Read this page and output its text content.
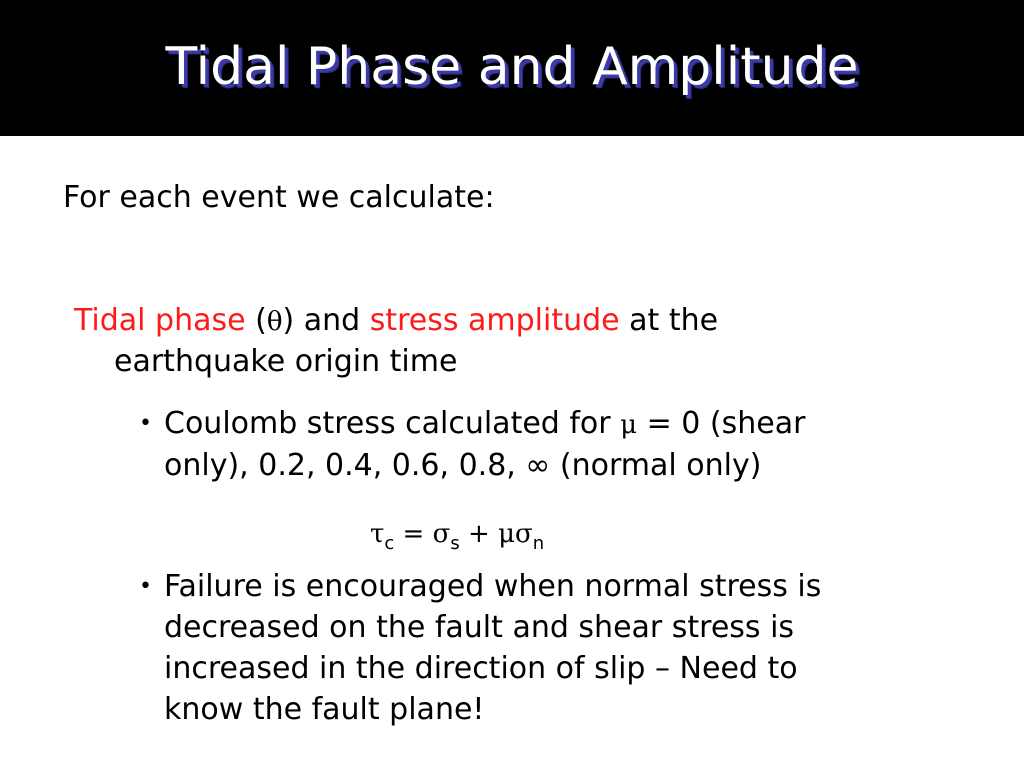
Tidal Phase and Amplitude
For each event we calculate:
Tidal phase (θ) and stress amplitude at the
earthquake origin time
• Coulomb stress calculated for μ = 0 (shear
only), 0.2, 0.4, 0.6, 0.8, ∞ (normal only)
$\tau_c = \sigma_s + \mu\sigma_n$
• Failure is encouraged when normal stress is
decreased on the fault and shear stress is
increased in the direction of slip – Need to
know the fault plane!
